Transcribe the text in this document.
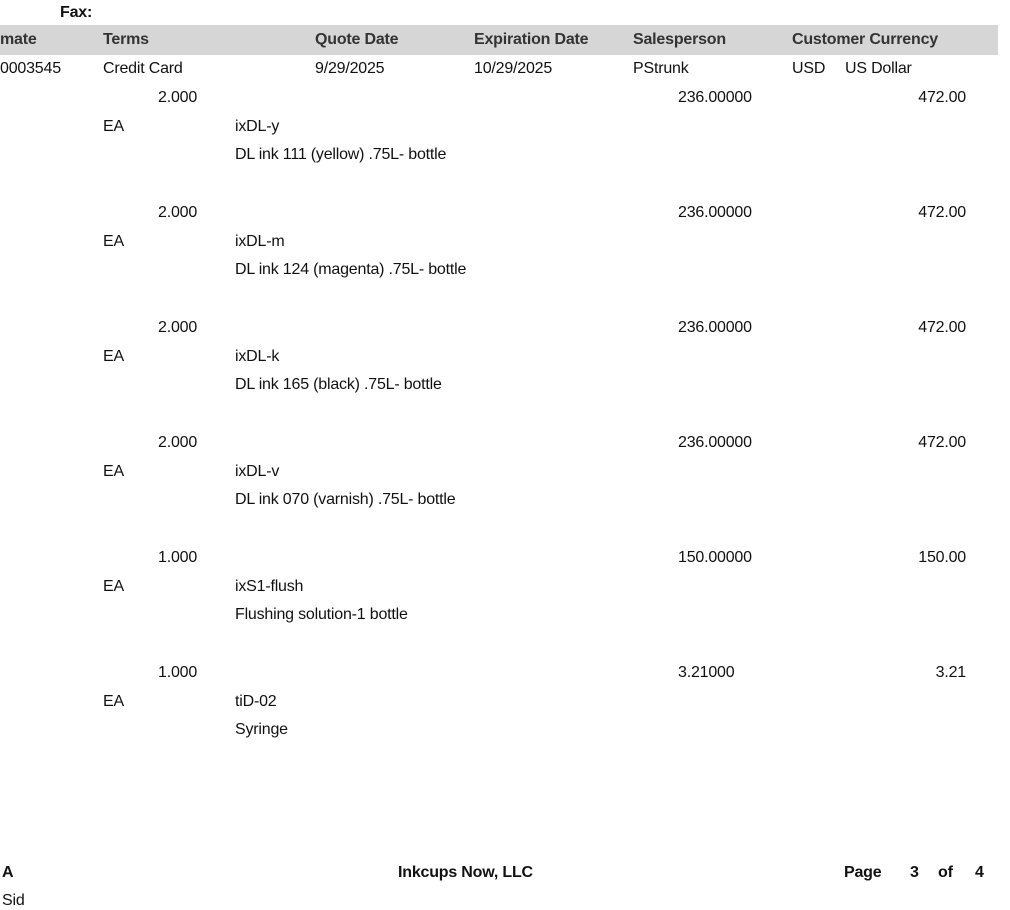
Fax:
mate	Terms	Quote Date	Expiration Date	Salesperson	Customer Currency
0003545	Credit Card	9/29/2025	10/29/2025	PStrunk	USD US Dollar
2.000	236.00000	472.00
EA	ixDL-y
DL ink 111 (yellow) .75L- bottle
2.000	236.00000	472.00
EA	ixDL-m
DL ink 124 (magenta) .75L- bottle
2.000	236.00000	472.00
EA	ixDL-k
DL ink 165 (black) .75L- bottle
2.000	236.00000	472.00
EA	ixDL-v
DL ink 070 (varnish) .75L- bottle
1.000	150.00000	150.00
EA	ixS1-flush
Flushing solution-1 bottle
1.000	3.21000	3.21
EA	tiD-02
Syringe
A	Inkcups Now, LLC	Page 3 of 4
Sid
